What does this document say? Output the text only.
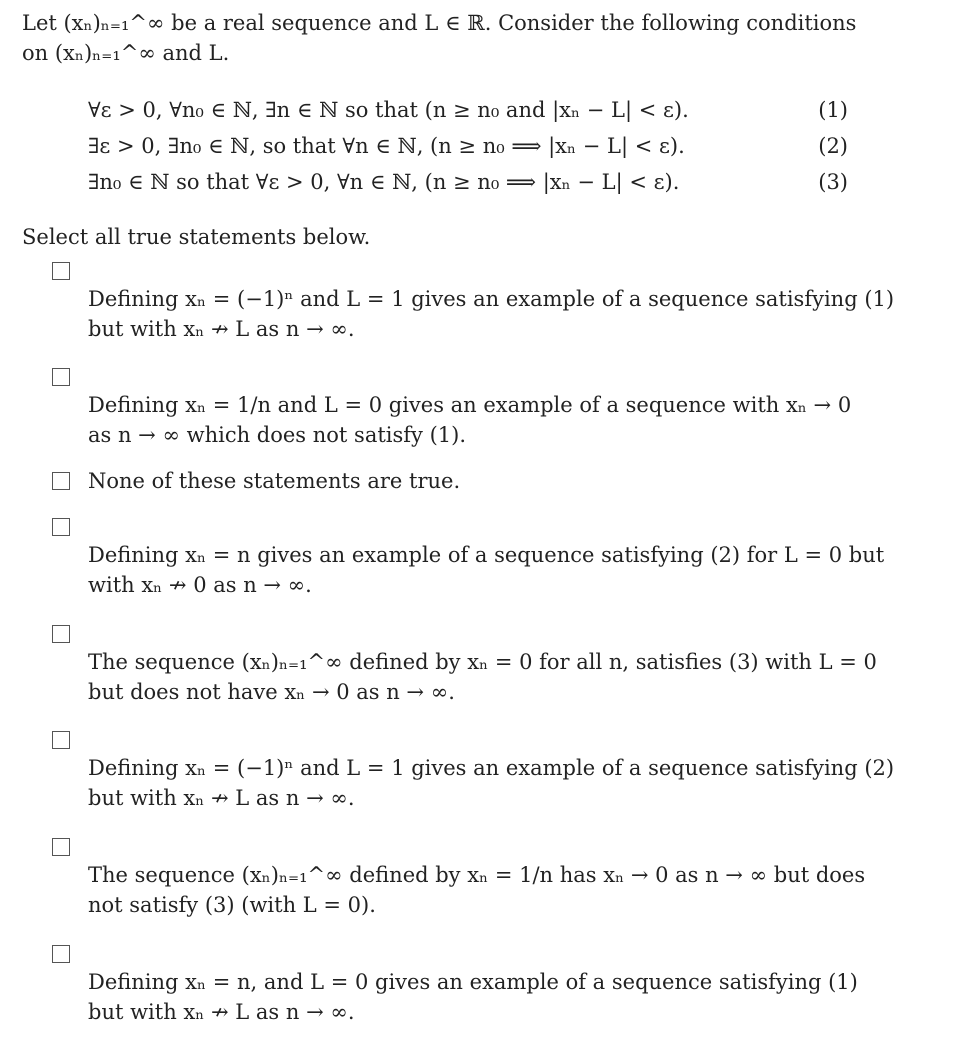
Let (xₙ)ₙ₌₁^∞ be a real sequence and L ∈ ℝ. Consider the following conditions

on (xₙ)ₙ₌₁^∞ and L.

∀ε > 0, ∀n₀ ∈ ℕ, ∃n ∈ ℕ so that (n ≥ n₀ and |xₙ − L| < ε).	(1)
∃ε > 0, ∃n₀ ∈ ℕ, so that ∀n ∈ ℕ, (n ≥ n₀ ⟹ |xₙ − L| < ε).	(2)
∃n₀ ∈ ℕ so that ∀ε > 0, ∀n ∈ ℕ, (n ≥ n₀ ⟹ |xₙ − L| < ε).	(3)
Select all true statements below.
Defining xₙ = (−1)ⁿ and L = 1 gives an example of a sequence satisfying (1)
but with xₙ ↛ L as n → ∞.
Defining xₙ = 1/n and L = 0 gives an example of a sequence with xₙ → 0
as n → ∞ which does not satisfy (1).
None of these statements are true.
Defining xₙ = n gives an example of a sequence satisfying (2) for L = 0 but
with xₙ ↛ 0 as n → ∞.
The sequence (xₙ)ₙ₌₁^∞ defined by xₙ = 0 for all n, satisfies (3) with L = 0
but does not have xₙ → 0 as n → ∞.
Defining xₙ = (−1)ⁿ and L = 1 gives an example of a sequence satisfying (2)
but with xₙ ↛ L as n → ∞.
The sequence (xₙ)ₙ₌₁^∞ defined by xₙ = 1/n has xₙ → 0 as n → ∞ but does
not satisfy (3) (with L = 0).
Defining xₙ = n, and L = 0 gives an example of a sequence satisfying (1)
but with xₙ ↛ L as n → ∞.
